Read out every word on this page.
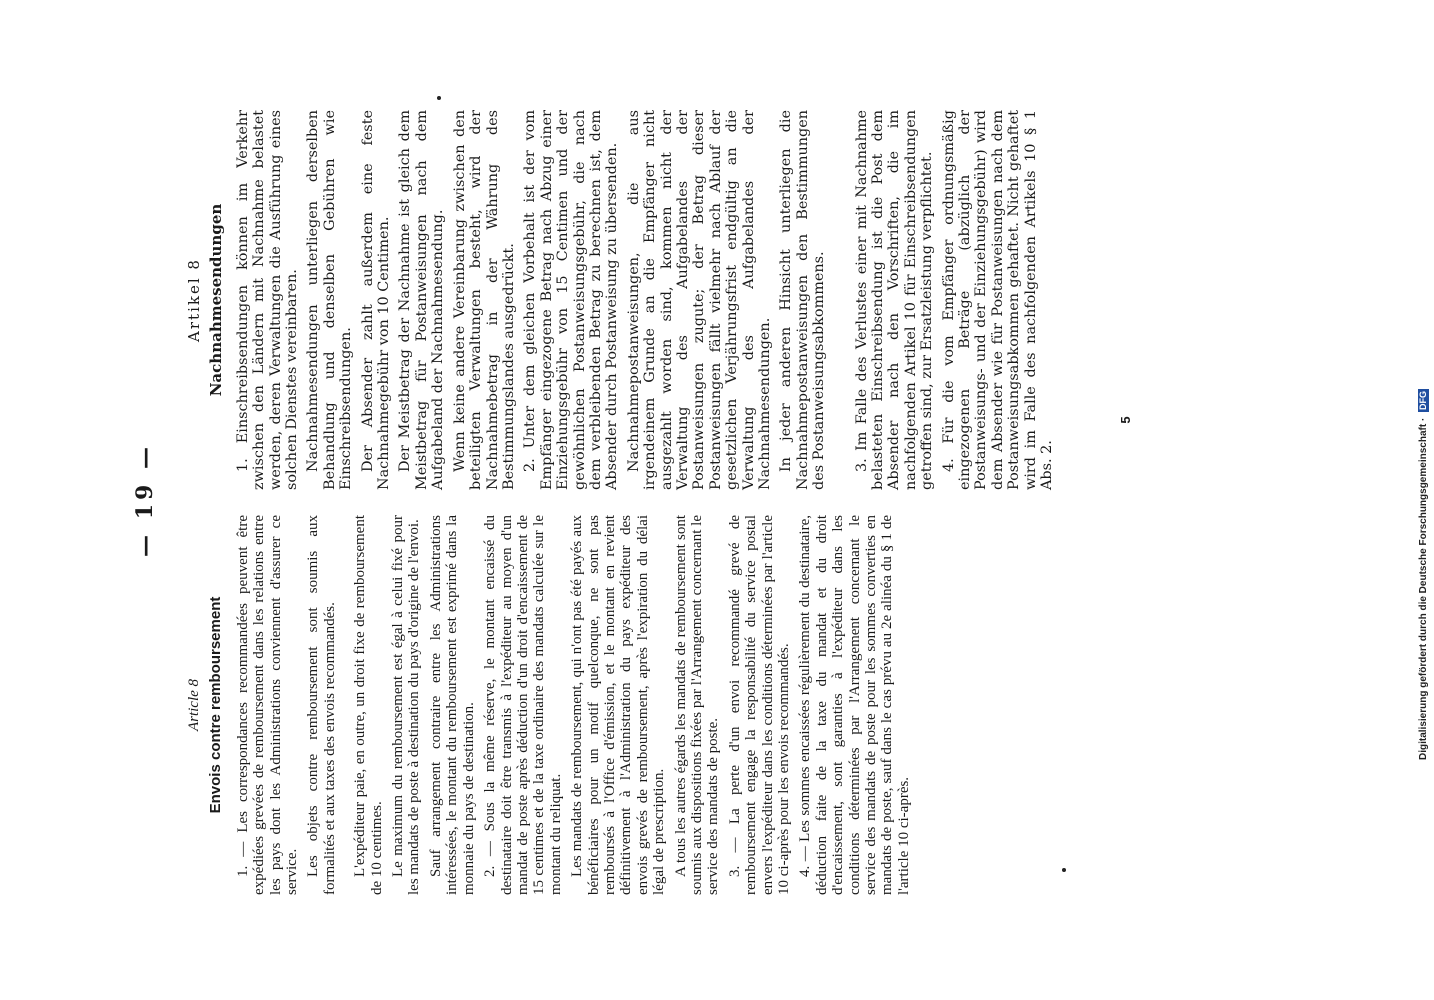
— 19 —
Article 8 Envois contre remboursement 1. — Les correspondances recommandées peuvent être expédiées grevées de remboursement dans les relations entre les pays dont les Administrations conviennent d'assurer ce service. Les objets contre remboursement sont soumis aux formalités et aux taxes des envois recommandés. L'expéditeur paie, en outre, un droit fixe de remboursement de 10 centimes. Le maximum du remboursement est égal à celui fixé pour les mandats de poste à destination du pays d'origine de l'envoi. Sauf arrangement contraire entre les Administrations intéressées, le montant du remboursement est exprimé dans la monnaie du pays de destination. 2. — Sous la même réserve, le montant encaissé du destinataire doit être transmis à l'expéditeur au moyen d'un mandat de poste après déduction d'un droit d'encaissement de 15 centimes et de la taxe ordinaire des mandats calculée sur le montant du reliquat. Les mandats de remboursement, qui n'ont pas été payés aux bénéficiaires pour un motif quelconque, ne sont pas remboursés à l'Office d'émission, et le montant en revient définitivement à l'Administration du pays expéditeur des envois grevés de remboursement, après l'expiration du délai légal de prescription. A tous les autres égards les mandats de remboursement sont soumis aux dispositions fixées par l'Arrangement concernant le service des mandats de poste. 3. — La perte d'un envoi recommandé grevé de remboursement engage la responsabilité du service postal envers l'expéditeur dans les conditions déterminées par l'article 10 ci-après pour les envois recommandés. 4. — Les sommes encaissées régulièrement du destinataire, déduction faite de la taxe du mandat et du droit d'encaissement, sont garanties à l'expéditeur dans les conditions déterminées par l'Arrangement concernant le service des mandats de poste pour les sommes converties en mandats de poste, sauf dans le cas prévu au 2e alinéa du § 1 de l'article 10 ci-après.

Artikel 8 Nachnahmesendungen 1. Einschreibsendungen können im Verkehr zwischen den Ländern mit Nachnahme belastet werden, deren Verwaltungen die Ausführung eines solchen Dienstes vereinbaren. Nachnahmesendungen unterliegen derselben Behandlung und denselben Gebühren wie Einschreibsendungen. Der Absender zahlt außerdem eine feste Nachnahmegebühr von 10 Centimen. Der Meistbetrag der Nachnahme ist gleich dem Meistbetrag für Postanweisungen nach dem Aufgabeland der Nachnahmesendung. Wenn keine andere Vereinbarung zwischen den beteiligten Verwaltungen besteht, wird der Nachnahmebetrag in der Währung des Bestimmungslandes ausgedrückt. 2. Unter dem gleichen Vorbehalt ist der vom Empfänger eingezogene Betrag nach Abzug einer Einziehungsgebühr von 15 Centimen und der gewöhnlichen Postanweisungsgebühr, die nach dem verbleibenden Betrag zu berechnen ist, dem Absender durch Postanweisung zu übersenden. Nachnahmepostanweisungen, die aus irgendeinem Grunde an die Empfänger nicht ausgezahlt worden sind, kommen nicht der Verwaltung des Aufgabelandes der Postanweisungen zugute; der Betrag dieser Postanweisungen fällt vielmehr nach Ablauf der gesetzlichen Verjährungsfrist endgültig an die Verwaltung des Aufgabelandes der Nachnahmesendungen. In jeder anderen Hinsicht unterliegen die Nachnahmepostanweisungen den Bestimmungen des Postanweisungsabkommens. 3. Im Falle des Verlustes einer mit Nachnahme belasteten Einschreibsendung ist die Post dem Absender nach den Vorschriften, die im nachfolgenden Artikel 10 für Einschreibsendungen getroffen sind, zur Ersatzleistung verpflichtet. 4. Für die vom Empfänger ordnungsmäßig eingezogenen Beträge (abzüglich der Postanweisungs- und der Einziehungsgebühr) wird dem Absender wie für Postanweisungen nach dem Postanweisungsabkommen gehaftet. Nicht gehaftet wird im Falle des nachfolgenden Artikels 10 § 1 Abs. 2.

5	Digitalisierung gefördert durch die Deutsche Forschungsgemeinschaft · DFG
